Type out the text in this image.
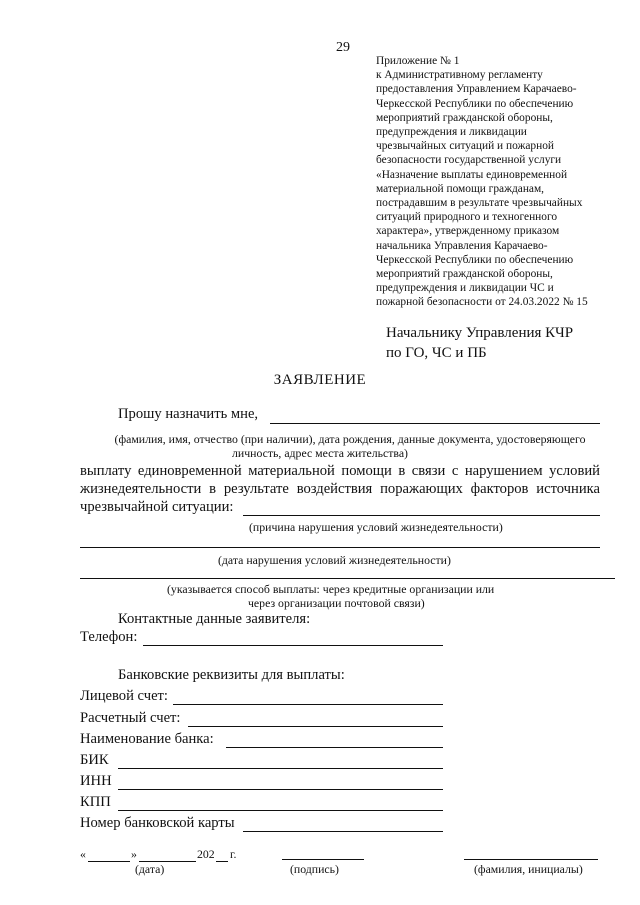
29
Приложение № 1
к Административному регламенту
предоставления Управлением Карачаево-
Черкесской Республики по обеспечению
мероприятий гражданской обороны,
предупреждения и ликвидации
чрезвычайных ситуаций и пожарной
безопасности государственной услуги
«Назначение выплаты единовременной
материальной помощи гражданам,
пострадавшим в результате чрезвычайных
ситуаций природного и техногенного
характера», утвержденному приказом
начальника Управления Карачаево-
Черкесской Республики по обеспечению
мероприятий гражданской обороны,
предупреждения и ликвидации ЧС и
пожарной безопасности от 24.03.2022 № 15
Начальнику Управления КЧР
по ГО, ЧС и ПБ
ЗАЯВЛЕНИЕ
Прошу назначить мне,
(фамилия, имя, отчество (при наличии), дата рождения, данные документа, удостоверяющего
личность, адрес места жительства)
выплату единовременной материальной помощи в связи с нарушением условий
жизнедеятельности в результате воздействия поражающих факторов источника
чрезвычайной ситуации:
(причина нарушения условий жизнедеятельности)
(дата нарушения условий жизнедеятельности)
(указывается способ выплаты: через кредитные организации или
через организации почтовой связи)
Контактные данные заявителя:
Телефон:
Банковские реквизиты для выплаты:
Лицевой счет:
Расчетный счет:
Наименование банка:
БИК
ИНН
КПП
Номер банковской карты
«	»	202 г.
(дата)	(подпись)	(фамилия, инициалы)
